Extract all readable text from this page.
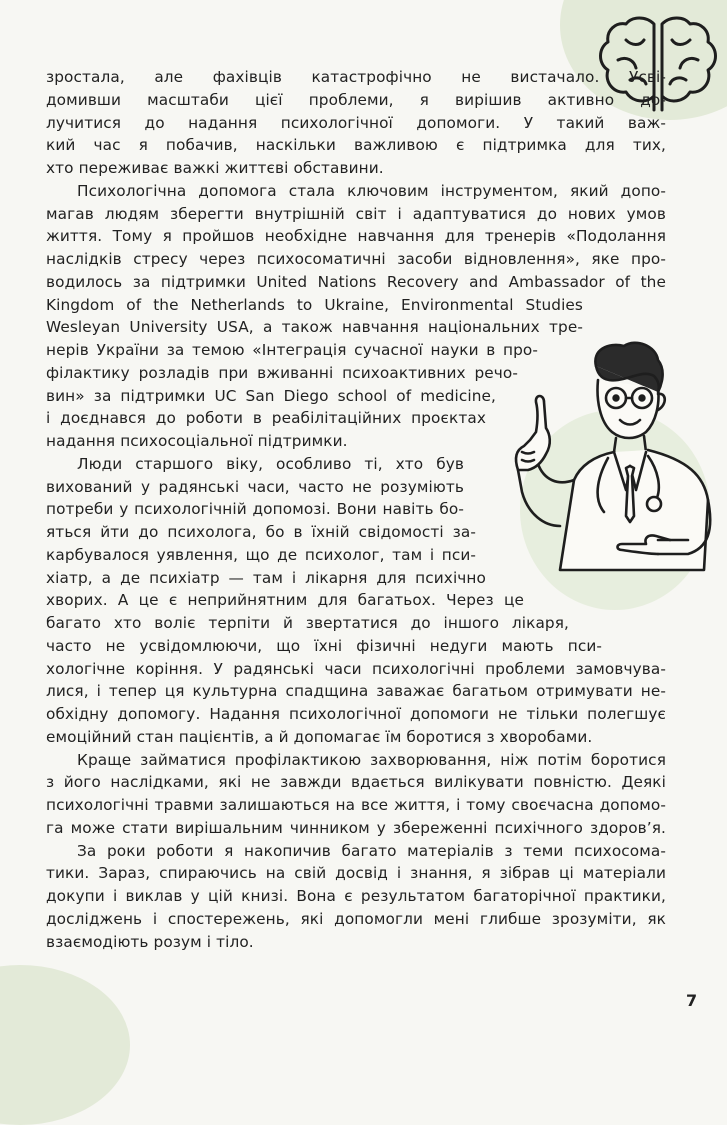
зростала, але фахівців катастрофічно не вистачало. Усві-
домивши масштаби цієї проблеми, я вирішив активно до-
лучитися до надання психологічної допомоги. У такий важ-
кий час я побачив, наскільки важливою є підтримка для тих,
хто переживає важкі життєві обставини.
Психологічна допомога стала ключовим інструментом, який допо-
магав людям зберегти внутрішній світ і адаптуватися до нових умов
життя. Тому я пройшов необхідне навчання для тренерів «Подолання
наслідків стресу через психосоматичні засоби відновлення», яке про-
водилось за підтримки United Nations Recovery and Ambassador of the
Kingdom of the Netherlands to Ukraine, Environmental Studies
Wesleyan University USA, а також навчання національних тре-
нерів України за темою «Інтеграція сучасної науки в про-
філактику розладів при вживанні психоактивних речо-
вин» за підтримки UC San Diego school of medicine,
і доєднався до роботи в реабілітаційних проєктах
надання психосоціальної підтримки.
Люди старшого віку, особливо ті, хто був
вихований у радянські часи, часто не розуміють
потреби у психологічній допомозі. Вони навіть бо-
яться йти до психолога, бо в їхній свідомості за-
карбувалося уявлення, що де психолог, там і пси-
хіатр, а де психіатр — там і лікарня для психічно
хворих. А це є неприйнятним для багатьох. Через це
багато хто воліє терпіти й звертатися до іншого лікаря,
часто не усвідомлюючи, що їхні фізичні недуги мають пси-
хологічне коріння. У радянські часи психологічні проблеми замовчува-
лися, і тепер ця культурна спадщина заважає багатьом отримувати не-
обхідну допомогу. Надання психологічної допомоги не тільки полегшує
емоційний стан пацієнтів, а й допомагає їм боротися з хворобами.
Краще займатися профілактикою захворювання, ніж потім боротися
з його наслідками, які не завжди вдається вилікувати повністю. Деякі
психологічні травми залишаються на все життя, і тому своєчасна допомо-
га може стати вирішальним чинником у збереженні психічного здоров’я.
За роки роботи я накопичив багато матеріалів з теми психосома-
тики. Зараз, спираючись на свій досвід і знання, я зібрав ці матеріали
докупи і виклав у цій книзі. Вона є результатом багаторічної практики,
досліджень і спостережень, які допомогли мені глибше зрозуміти, як
взаємодіють розум і тіло.
7
